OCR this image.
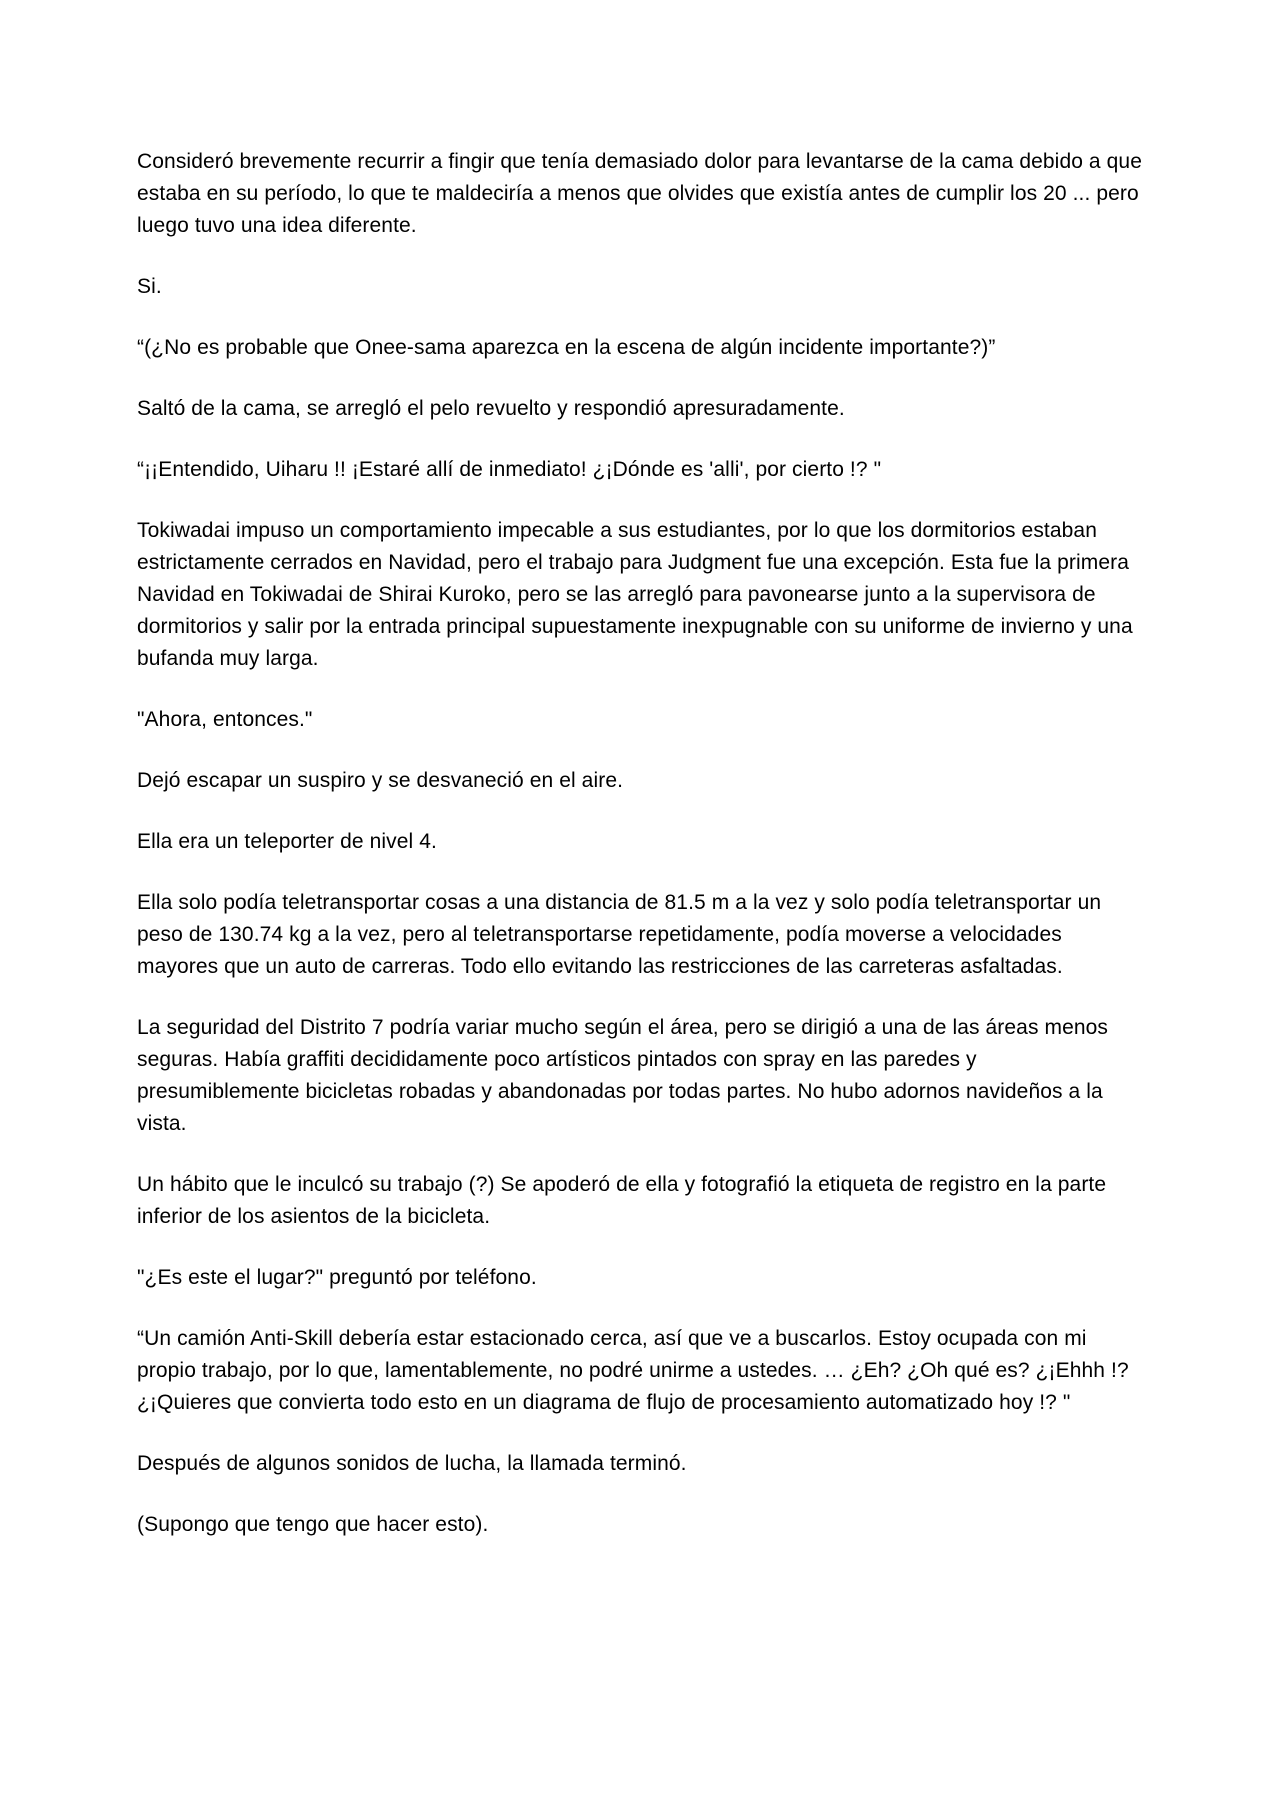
Consideró brevemente recurrir a fingir que tenía demasiado dolor para levantarse de la cama debido a que estaba en su período, lo que te maldeciría a menos que olvides que existía antes de cumplir los 20 ... pero luego tuvo una idea diferente.

Si.

“(¿No es probable que Onee-sama aparezca en la escena de algún incidente importante?)”

Saltó de la cama, se arregló el pelo revuelto y respondió apresuradamente.

“¡¡Entendido, Uiharu !! ¡Estaré allí de inmediato! ¿¡Dónde es 'alli', por cierto !? "

Tokiwadai impuso un comportamiento impecable a sus estudiantes, por lo que los dormitorios estaban estrictamente cerrados en Navidad, pero el trabajo para Judgment fue una excepción. Esta fue la primera Navidad en Tokiwadai de Shirai Kuroko, pero se las arregló para pavonearse junto a la supervisora de dormitorios y salir por la entrada principal supuestamente inexpugnable con su uniforme de invierno y una bufanda muy larga.

"Ahora, entonces."

Dejó escapar un suspiro y se desvaneció en el aire.

Ella era un teleporter de nivel 4.

Ella solo podía teletransportar cosas a una distancia de 81.5 m a la vez y solo podía teletransportar un peso de 130.74 kg a la vez, pero al teletransportarse repetidamente, podía moverse a velocidades mayores que un auto de carreras. Todo ello evitando las restricciones de las carreteras asfaltadas.

La seguridad del Distrito 7 podría variar mucho según el área, pero se dirigió a una de las áreas menos seguras. Había graffiti decididamente poco artísticos pintados con spray en las paredes y presumiblemente bicicletas robadas y abandonadas por todas partes. No hubo adornos navideños a la vista.

Un hábito que le inculcó su trabajo (?) Se apoderó de ella y fotografió la etiqueta de registro en la parte inferior de los asientos de la bicicleta.

"¿Es este el lugar?" preguntó por teléfono.

“Un camión Anti-Skill debería estar estacionado cerca, así que ve a buscarlos. Estoy ocupada con mi propio trabajo, por lo que, lamentablemente, no podré unirme a ustedes. … ¿Eh? ¿Oh qué es? ¿¡Ehhh !? ¿¡Quieres que convierta todo esto en un diagrama de flujo de procesamiento automatizado hoy !? "

Después de algunos sonidos de lucha, la llamada terminó.

(Supongo que tengo que hacer esto).
